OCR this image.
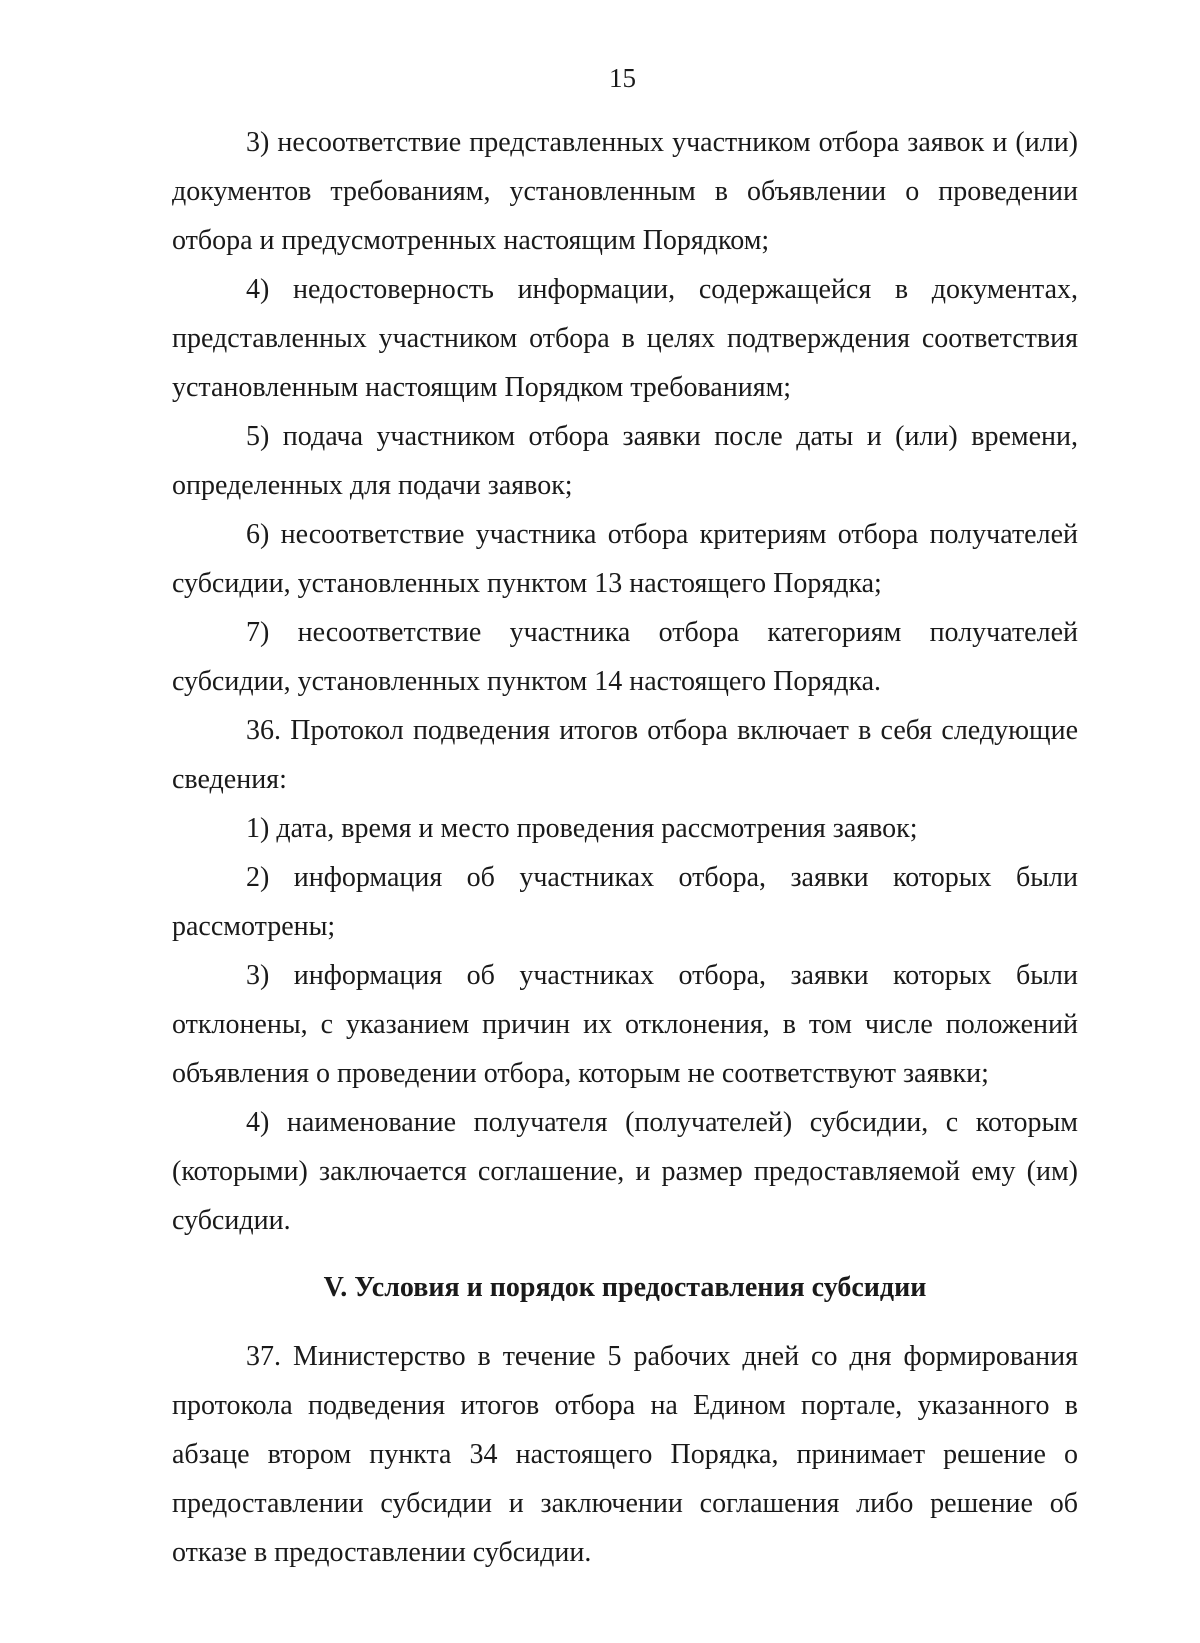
15

3) несоответствие представленных участником отбора заявок и (или) документов требованиям, установленным в объявлении о проведении отбора и предусмотренных настоящим Порядком;

4) недостоверность информации, содержащейся в документах, представленных участником отбора в целях подтверждения соответствия установленным настоящим Порядком требованиям;

5) подача участником отбора заявки после даты и (или) времени, определенных для подачи заявок;

6) несоответствие участника отбора критериям отбора получателей субсидии, установленных пунктом 13 настоящего Порядка;

7) несоответствие участника отбора категориям получателей субсидии, установленных пунктом 14 настоящего Порядка.

36. Протокол подведения итогов отбора включает в себя следующие сведения:

1) дата, время и место проведения рассмотрения заявок;

2) информация об участниках отбора, заявки которых были рассмотрены;

3) информация об участниках отбора, заявки которых были отклонены, с указанием причин их отклонения, в том числе положений объявления о проведении отбора, которым не соответствуют заявки;

4) наименование получателя (получателей) субсидии, с которым (которыми) заключается соглашение, и размер предоставляемой ему (им) субсидии.

V. Условия и порядок предоставления субсидии

37. Министерство в течение 5 рабочих дней со дня формирования протокола подведения итогов отбора на Едином портале, указанного в абзаце втором пункта 34 настоящего Порядка, принимает решение о предоставлении субсидии и заключении соглашения либо решение об отказе в предоставлении субсидии.
